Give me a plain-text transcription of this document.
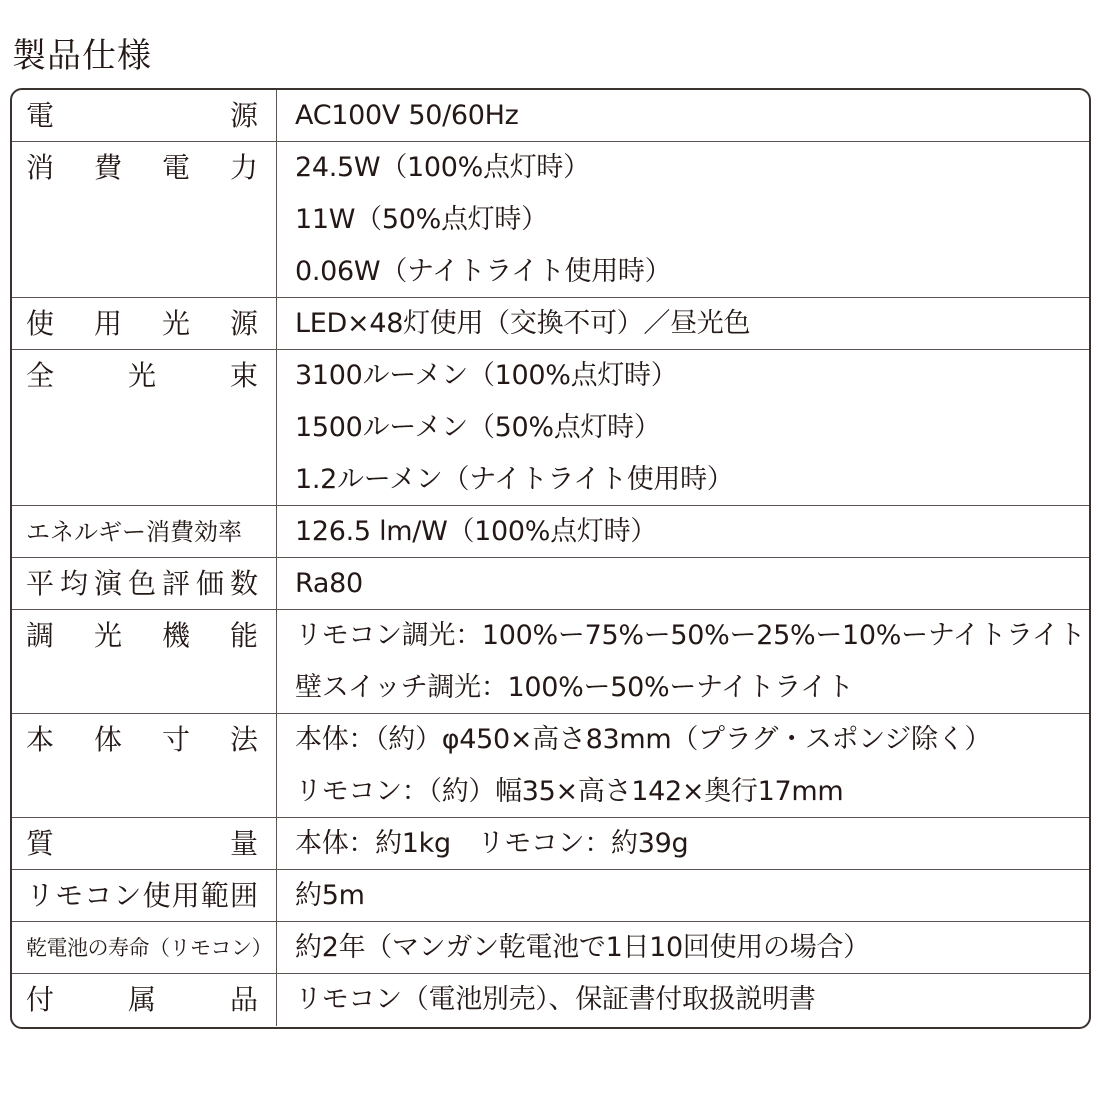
製品仕様
電源 AC100V 50/60Hz
消費電力 24.5W（100%点灯時）
11W（50%点灯時）
0.06W（ナイトライト使用時）
使用光源 LED×48灯使用（交換不可）／昼光色
全光束 3100ルーメン（100%点灯時）
1500ルーメン（50%点灯時）
1.2ルーメン（ナイトライト使用時）
エネルギー消費効率	126.5 lm/W（100%点灯時）
平均演色評価数 Ra80
調光機能 リモコン調光：100%ー75%ー50%ー25%ー10%ーナイトライト
壁スイッチ調光：100%ー50%ーナイトライト
本体寸法 本体：（約）φ450×高さ83mm（プラグ・スポンジ除く）
リモコン：（約）幅35×高さ142×奥行17mm
質量 本体：約1kg　リモコン：約39g
リモコン使用範囲 約5m
乾電池の寿命（リモコン） 約2年（マンガン乾電池で1日10回使用の場合）
付属品 リモコン（電池別売）、保証書付取扱説明書
